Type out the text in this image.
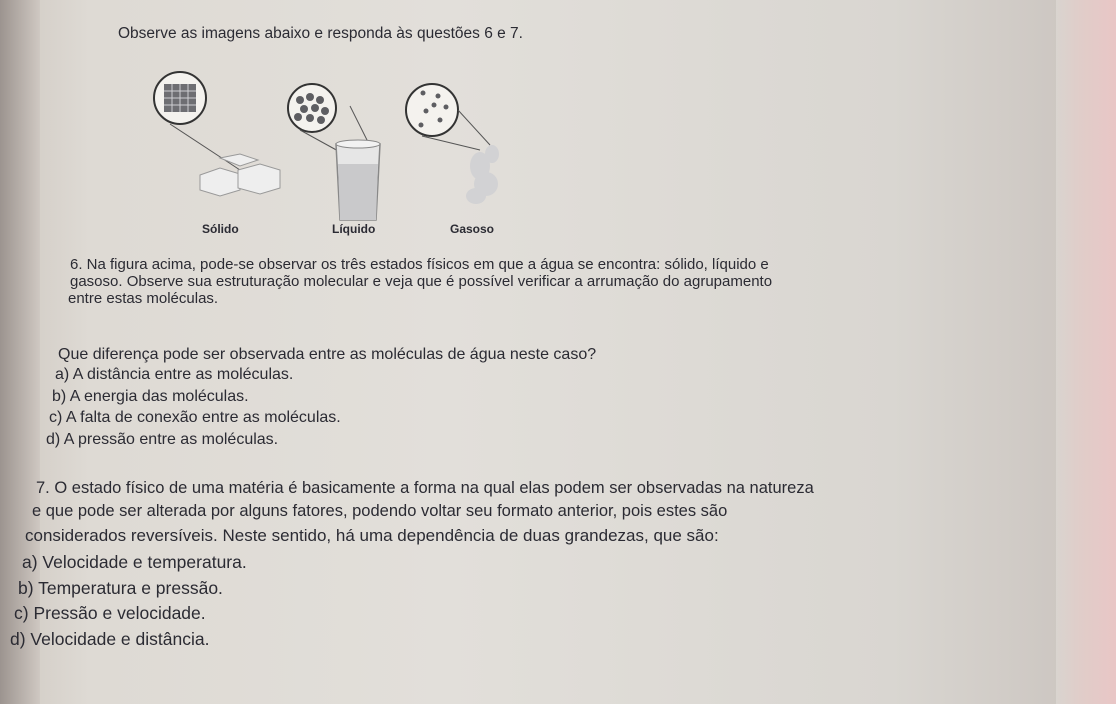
Observe as imagens abaixo e responda às questões 6 e 7.
Sólido	Líquido	Gasoso
6. Na figura acima, pode-se observar os três estados físicos em que a água se encontra: sólido, líquido e
gasoso. Observe sua estruturação molecular e veja que é possível verificar a arrumação do agrupamento
entre estas moléculas.
Que diferença pode ser observada entre as moléculas de água neste caso?
a) A distância entre as moléculas.
b) A energia das moléculas.
c) A falta de conexão entre as moléculas.
d) A pressão entre as moléculas.
7. O estado físico de uma matéria é basicamente a forma na qual elas podem ser observadas na natureza
e que pode ser alterada por alguns fatores, podendo voltar seu formato anterior, pois estes são
considerados reversíveis. Neste sentido, há uma dependência de duas grandezas, que são:
a) Velocidade e temperatura.
b) Temperatura e pressão.
c) Pressão e velocidade.
d) Velocidade e distância.
